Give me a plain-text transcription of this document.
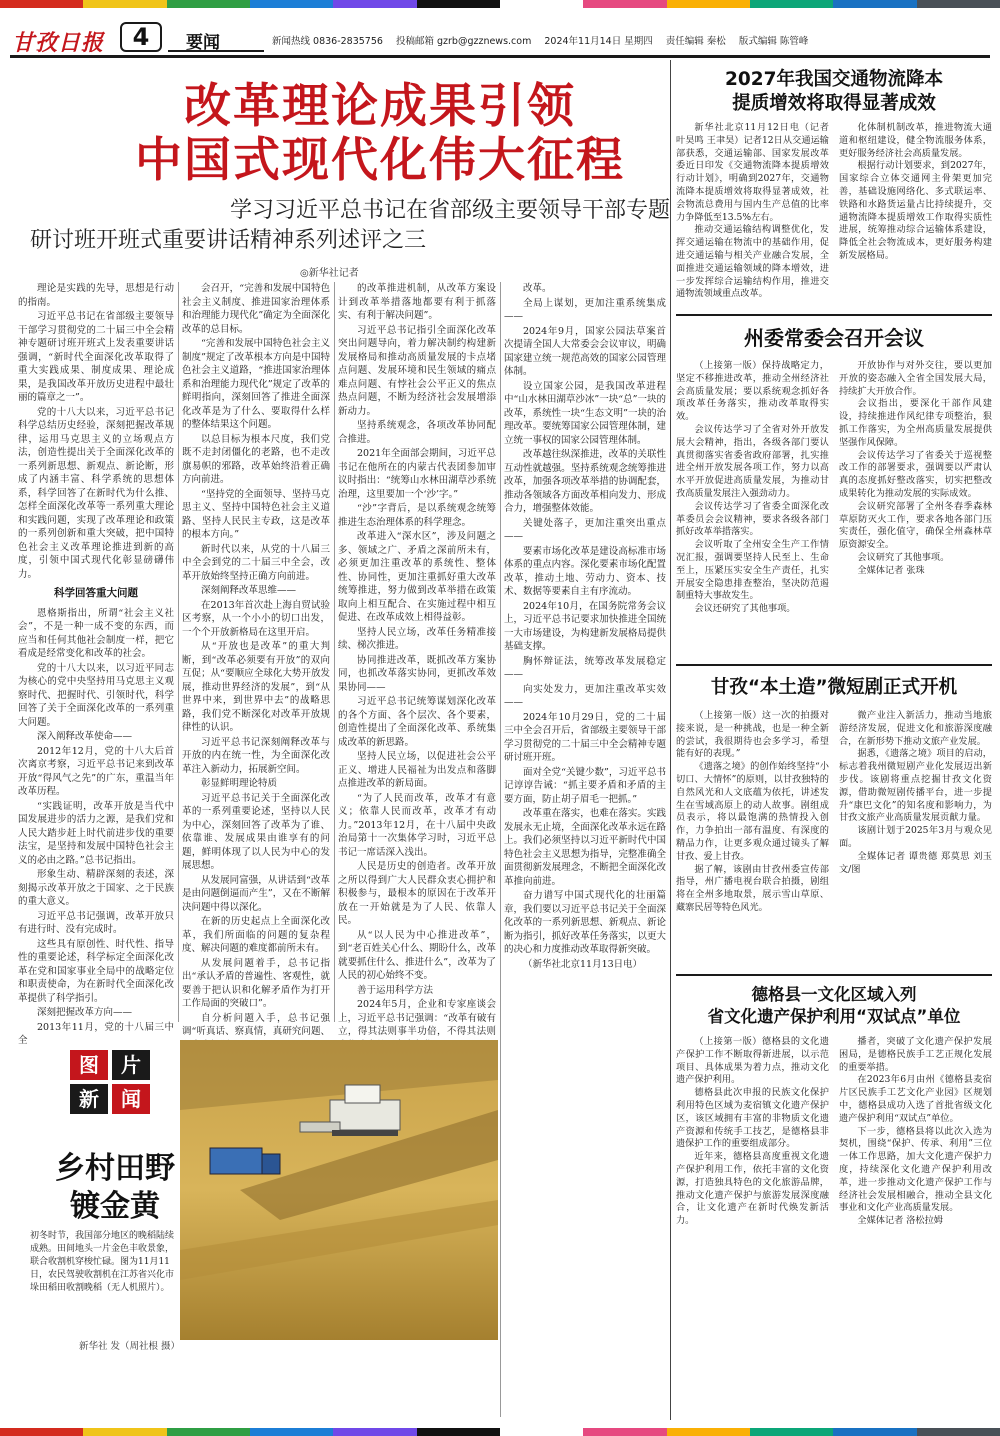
甘孜日报	4	要闻	新闻热线 0836-2835756 投稿邮箱 gzrb@gzznews.com 2024年11月14日 星期四 责任编辑 秦松 版式编辑 陈管峰
改革理论成果引领
中国式现代化伟大征程
学习习近平总书记在省部级主要领导干部专题
研讨班开班式重要讲话精神系列述评之三
◎新华社记者

理论是实践的先导，思想是行动的指南。

习近平总书记在省部级主要领导干部学习贯彻党的二十届三中全会精神专题研讨班开班式上发表重要讲话强调，“新时代全面深化改革取得了重大实践成果、制度成果、理论成果，是我国改革开放历史进程中最壮丽的篇章之一”。

党的十八大以来，习近平总书记科学总结历史经验，深刻把握改革规律，运用马克思主义的立场观点方法，创造性提出关于全面深化改革的一系列新思想、新观点、新论断，形成了内涵丰富、科学系统的思想体系，科学回答了在新时代为什么推、怎样全面深化改革等一系列重大理论和实践问题，实现了改革理论和政策的一系列创新和重大突破，把中国特色社会主义改革理论推进到新的高度，引领中国式现代化彰显磅礴伟力。

科学回答重大问题

恩格斯指出，所谓“社会主义社会”，不是一种一成不变的东西，而应当和任何其他社会制度一样，把它看成是经常变化和改革的社会。

党的十八大以来，以习近平同志为核心的党中央坚持用马克思主义观察时代、把握时代、引领时代，科学回答了关于全面深化改革的一系列重大问题。

深入阐释改革使命——

2012年12月，党的十八大后首次离京考察，习近平总书记来到改革开放“得风气之先”的广东，重温当年改革历程。

“实践证明，改革开放是当代中国发展进步的活力之源，是我们党和人民大踏步赶上时代前进步伐的重要法宝，是坚持和发展中国特色社会主义的必由之路。”总书记指出。

形象生动、精辟深刻的表述，深刻揭示改革开放之于国家、之于民族的重大意义。

习近平总书记强调，改革开放只有进行时、没有完成时。

这些具有原创性、时代性、指导性的重要论述，科学标定全面深化改革在党和国家事业全局中的战略定位和职责使命，为在新时代全面深化改革提供了科学指引。

深刻把握改革方向——

2013年11月，党的十八届三中全

会召开，“完善和发展中国特色社会主义制度、推进国家治理体系和治理能力现代化”确定为全面深化改革的总目标。

“完善和发展中国特色社会主义制度”规定了改革根本方向是中国特色社会主义道路，“推进国家治理体系和治理能力现代化”规定了改革的鲜明指向，深刻回答了推进全面深化改革是为了什么、要取得什么样的整体结果这个问题。

以总目标为根本尺度，我们党既不走封闭僵化的老路，也不走改旗易帜的邪路，改革始终沿着正确方向前进。

“坚持党的全面领导、坚持马克思主义、坚持中国特色社会主义道路、坚持人民民主专政，这是改革的根本方向。”

新时代以来，从党的十八届三中全会到党的二十届三中全会，改革开放始终坚持正确方向前进。

深刻阐释改革思维——

在2013年首次赴上海自贸试验区考察，从一个小小的切口出发，一个个开放新格局在这里开启。

从“开放也是改革”的重大判断，到“改革必须要有开放”的双向互促；从“要顺应全球化大势开放发展，推动世界经济的发展”，到“从世界中来，到世界中去”的战略思路，我们党不断深化对改革开放规律性的认识。

习近平总书记深刻阐释改革与开放的内在统一性，为全面深化改革注入新动力，拓展新空间。

彰显鲜明理论特质

习近平总书记关于全面深化改革的一系列重要论述，坚持以人民为中心，深刻回答了改革为了谁、依靠谁、发展成果由谁享有的问题，鲜明体现了以人民为中心的发展思想。

从发展同富强，从讲话到“改革是由问题倒逼而产生”，又在不断解决问题中得以深化。

在新的历史起点上全面深化改革，我们所面临的问题的复杂程度、解决问题的难度都前所未有。

从发展问题着手，总书记指出“承认矛盾的普遍性、客观性，就要善于把认识和化解矛盾作为打开工作局面的突破口”。

自分析问题入手，总书记强调“听真话、察真情，真研究问题、

的改革推进机制，从改革方案设计到改革举措落地都要有利于抓落实、有利于解决问题”。

习近平总书记指引全面深化改革突出问题导向，着力解决制约构建新发展格局和推动高质量发展的卡点堵点问题、发展环境和民生领域的痛点难点问题、有悖社会公平正义的焦点热点问题，不断为经济社会发展增添新动力。

坚持系统观念，各项改革协同配合推进。

2021年全面部会期间，习近平总书记在他所在的内蒙古代表团参加审议时指出：“统筹山水林田湖草沙系统治理，这里要加一个‘沙’字。”

“沙”字背后，是以系统观念统筹推进生态治理体系的科学理念。

改革进入“深水区”，涉及问题之多、领域之广、矛盾之深前所未有，必须更加注重改革的系统性、整体性、协同性，更加注重抓好重大改革统筹推进，努力做到改革举措在政策取向上相互配合、在实施过程中相互促进、在改革成效上相得益彰。

坚持人民立场，改革任务精准接续、梯次推进。

协同推进改革，既抓改革方案协同，也抓改革落实协同，更抓改革效果协同——

习近平总书记统筹谋划深化改革的各个方面、各个层次、各个要素，创造性提出了全面深化改革、系统集成改革的新思路。

坚持人民立场，以促进社会公平正义、增进人民福祉为出发点和落脚点推进改革的新局面。

“为了人民而改革，改革才有意义；依靠人民而改革，改革才有动力。”2013年12月，在十八届中央政治局第十一次集体学习时，习近平总书记一席话深入浅出。

人民是历史的创造者。改革开放之所以得到广大人民群众衷心拥护和积极参与，最根本的原因在于改革开放在一开始就是为了人民、依靠人民。

从“以人民为中心推进改革”，到“老百姓关心什么、期盼什么，改革就要抓住什么、推进什么”，改革为了人民的初心始终不变。

善于运用科学方法

2024年5月，企业和专家座谈会上，习近平总书记强调：“改革有破有立，得其法则事半功倍，不得其法则

改革。

全局上谋划，更加注重系统集成——

2024年9月，国家公园法草案首次提请全国人大常委会会议审议，明确国家建立统一规范高效的国家公园管理体制。

设立国家公园，是我国改革进程中“山水林田湖草沙冰”一块“总”一块的改革，系统性一块“生态文明”一块的治理改革。要统筹国家公园管理体制，建立统一事权的国家公园管理体制。

改革越往纵深推进，改革的关联性互动性就越强。坚持系统观念统筹推进改革，加强各项改革举措的协调配套，推动各领域各方面改革相向发力、形成合力，增强整体效能。

关键处落子，更加注重突出重点——

要素市场化改革是建设高标准市场体系的重点内容。深化要素市场化配置改革，推动土地、劳动力、资本、技术、数据等要素自主有序流动。

2024年10月，在国务院常务会议上，习近平总书记要求加快推进全国统一大市场建设，为构建新发展格局提供基础支撑。

胸怀辩证法，统筹改革发展稳定——

向实处发力，更加注重改革实效——

2024年10月29日，党的二十届三中全会召开后，省部级主要领导干部学习贯彻党的二十届三中全会精神专题研讨班开班。

面对全党“关键少数”，习近平总书记谆谆告诫：“抓主要矛盾和矛盾的主要方面，防止胡子眉毛一把抓。”

改革重在落实，也难在落实。实践发展永无止境，全面深化改革永远在路上。我们必须坚持以习近平新时代中国特色社会主义思想为指导，完整准确全面贯彻新发展理念，不断把全面深化改革推向前进。

奋力谱写中国式现代化的壮丽篇章，我们要以习近平总书记关于全面深化改革的一系列新思想、新观点、新论断为指引，抓好改革任务落实，以更大的决心和力度推动改革取得新突破。

（新华社北京11月13日电）

图	片
新	闻
乡村田野
镀金黄
初冬时节，我国部分地区的晚稻陆续成熟。田间地头一片金色丰收景象，联合收割机穿梭忙碌。图为11月11日，农民驾驶收割机在江苏省兴化市垛田稻田收割晚稻（无人机照片）。
新华社 发（周社根 摄）
2027年我国交通物流降本
提质增效将取得显著成效

新华社北京11月12日电（记者 叶昊鸣 王聿昊）记者12日从交通运输部获悉，交通运输部、国家发展改革委近日印发《交通物流降本提质增效行动计划》，明确到2027年，交通物流降本提质增效将取得显著成效，社会物流总费用与国内生产总值的比率力争降低至13.5%左右。

推动交通运输结构调整优化，发挥交通运输在物流中的基础作用，促进交通运输与相关产业融合发展，全面推进交通运输领域的降本增效，进一步发挥综合运输结构作用，推进交通物流领域重点改革。

化体制机制改革，推进物流大通道和枢纽建设，健全物流服务体系，更好服务经济社会高质量发展。

根据行动计划要求，到2027年，国家综合立体交通网主骨架更加完善，基础设施网络化、多式联运率、铁路和水路货运量占比持续提升，交通物流降本提质增效工作取得实质性进展，统筹推动综合运输体系建设，降低全社会物流成本，更好服务构建新发展格局。

州委常委会召开会议

（上接第一版）保持战略定力，坚定不移推进改革，推动全州经济社会高质量发展；要以系统观念抓好各项改革任务落实，推动改革取得实效。

会议传达学习了全省对外开放发展大会精神，指出，各级各部门要认真贯彻落实省委省政府部署，扎实推进全州开放发展各项工作，努力以高水平开放促进高质量发展，为推动甘孜高质量发展注入强劲动力。

会议传达学习了省委全面深化改革委员会会议精神，要求各级各部门抓好改革举措落实。

会议听取了全州安全生产工作情况汇报，强调要坚持人民至上、生命至上，压紧压实安全生产责任，扎实开展安全隐患排查整治，坚决防范遏制重特大事故发生。

会议还研究了其他事项。

开放协作与对外交往，要以更加开放的姿态融入全省全国发展大局，持续扩大开放合作。

会议指出，要深化干部作风建设，持续推进作风纪律专项整治，狠抓工作落实，为全州高质量发展提供坚强作风保障。

会议传达学习了省委关于巡视整改工作的部署要求，强调要以严肃认真的态度抓好整改落实，切实把整改成果转化为推动发展的实际成效。

会议研究部署了全州冬春季森林草原防灭火工作，要求各地各部门压实责任，强化值守，确保全州森林草原资源安全。

会议研究了其他事项。

全媒体记者 张珠

甘孜“本土造”微短剧正式开机

（上接第一版）这一次的拍摄对接来说，是一种挑战，也是一种全新的尝试，我很期待也会多学习，希望能有好的表现。”

《遗落之境》的创作始终坚持“小切口、大情怀”的原则，以甘孜独特的自然风光和人文底蕴为依托，讲述发生在雪域高原上的动人故事。剧组成员表示，将以最饱满的热情投入创作，力争拍出一部有温度、有深度的精品力作，让更多观众通过镜头了解甘孜、爱上甘孜。

据了解，该剧由甘孜州委宣传部指导，州广播电视台联合拍摄，剧组将在全州多地取景，展示雪山草原、藏寨民居等特色风光。

微产业注入新活力，推动当地旅游经济发展，促进文化和旅游深度融合，在新形势下推动文旅产业发展。

据悉，《遗落之境》项目的启动，标志着我州微短剧产业化发展迈出新步伐。该剧将重点挖掘甘孜文化资源，借助微短剧传播平台，进一步提升“康巴文化”的知名度和影响力，为甘孜文旅产业高质量发展贡献力量。

该剧计划于2025年3月与观众见面。

全媒体记者 谭贵德 郑莫思 刘玉 文/图

德格县一文化区域入列
省文化遗产保护利用“双试点”单位

（上接第一版）德格县的文化遗产保护工作不断取得新进展，以示范项目、具体成果为着力点，推动文化遗产保护利用。

德格县此次申报的民族文化保护利用特色区域为麦宿镇文化遗产保护区，该区域拥有丰富的非物质文化遗产资源和传统手工技艺，是德格县非遗保护工作的重要组成部分。

近年来，德格县高度重视文化遗产保护利用工作，依托丰富的文化资源，打造独具特色的文化旅游品牌，推动文化遗产保护与旅游发展深度融合，让文化遗产在新时代焕发新活力。

播者，突破了文化遗产保护发展困局，是德格民族手工艺正规化发展的重要举措。

在2023年6月由州《德格县麦宿片区民族手工艺文化产业园》区规划中，德格县成功入选了首批省级文化遗产保护利用“双试点”单位。

下一步，德格县将以此次入选为契机，围绕“保护、传承、利用”三位一体工作思路，加大文化遗产保护力度，持续深化文化遗产保护利用改革，进一步推动文化遗产保护工作与经济社会发展相融合，推动全县文化事业和文化产业高质量发展。

全媒体记者 洛松拉姆
